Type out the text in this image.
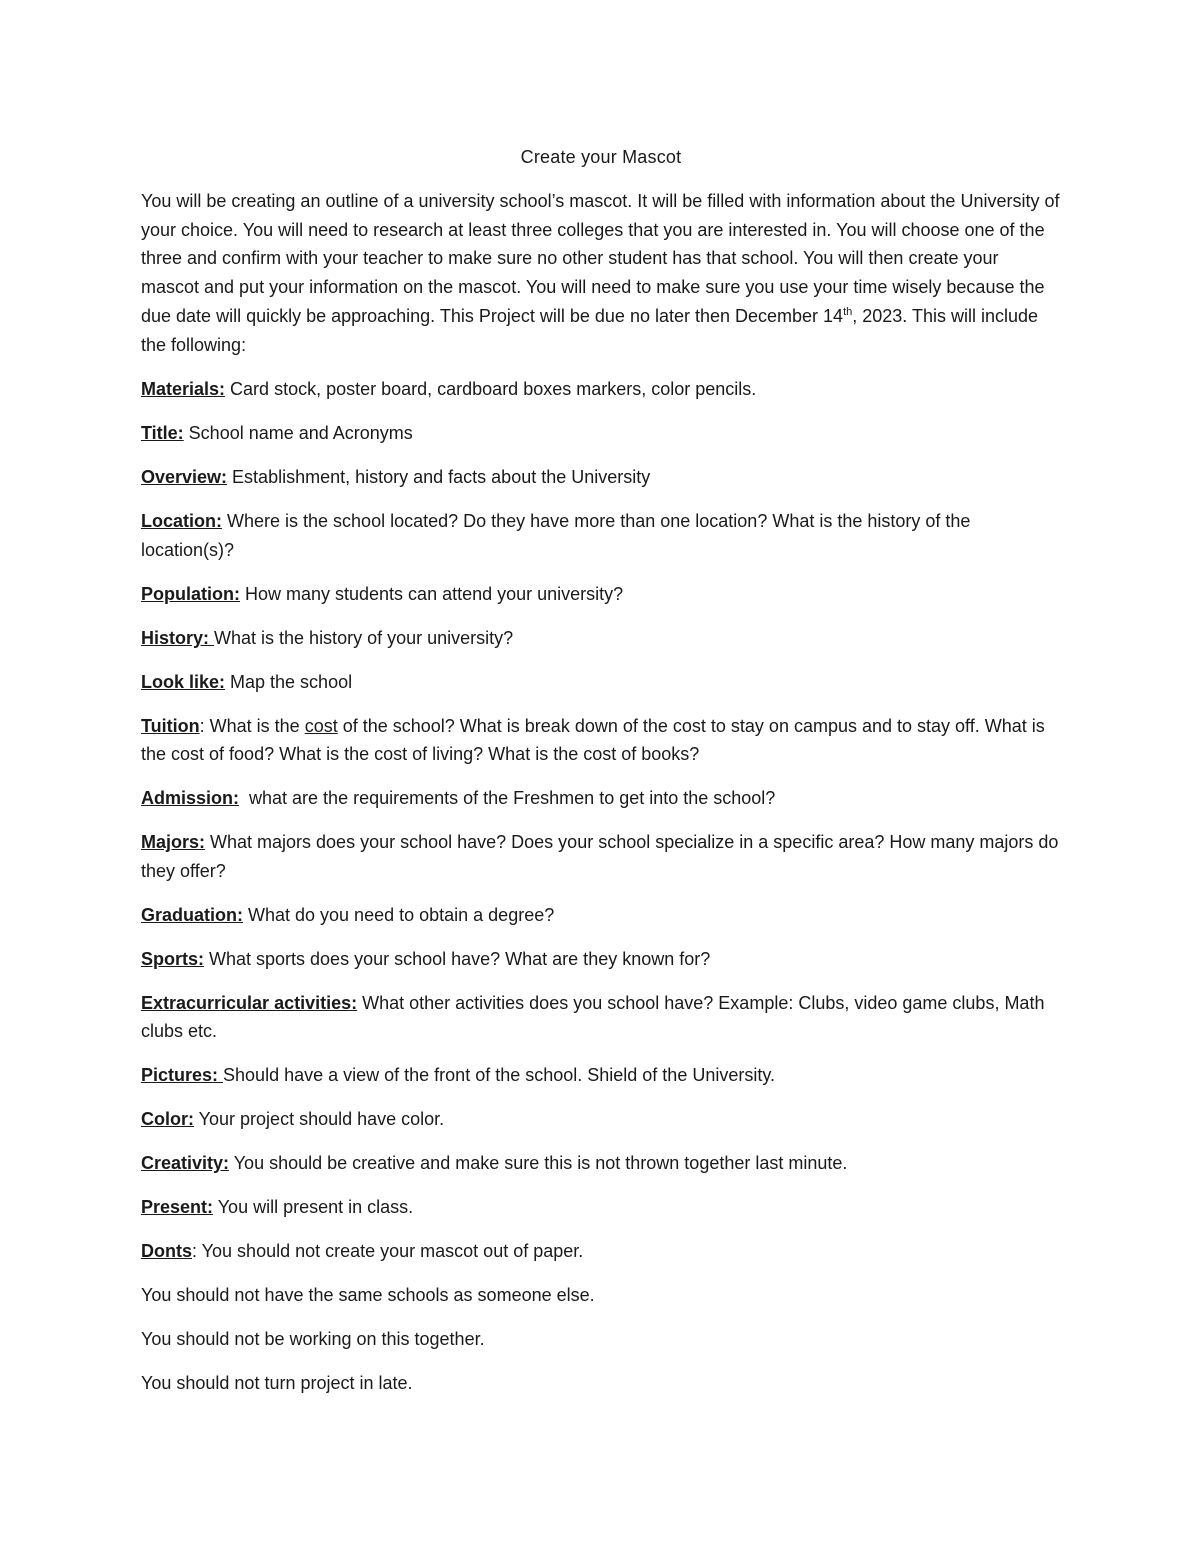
Create your Mascot

You will be creating an outline of a university school’s mascot. It will be filled with information about the University of your choice. You will need to research at least three colleges that you are interested in. You will choose one of the three and confirm with your teacher to make sure no other student has that school. You will then create your mascot and put your information on the mascot. You will need to make sure you use your time wisely because the due date will quickly be approaching. This Project will be due no later then December 14th, 2023. This will include the following:

Materials: Card stock, poster board, cardboard boxes markers, color pencils.

Title: School name and Acronyms

Overview: Establishment, history and facts about the University

Location: Where is the school located? Do they have more than one location? What is the history of the location(s)?

Population: How many students can attend your university?

History: What is the history of your university?

Look like: Map the school

Tuition: What is the cost of the school? What is break down of the cost to stay on campus and to stay off. What is the cost of food? What is the cost of living? What is the cost of books?

Admission:  what are the requirements of the Freshmen to get into the school?

Majors: What majors does your school have? Does your school specialize in a specific area? How many majors do they offer?

Graduation: What do you need to obtain a degree?

Sports: What sports does your school have? What are they known for?

Extracurricular activities: What other activities does you school have? Example: Clubs, video game clubs, Math clubs etc.

Pictures: Should have a view of the front of the school. Shield of the University.

Color: Your project should have color.

Creativity: You should be creative and make sure this is not thrown together last minute.

Present: You will present in class.

Donts: You should not create your mascot out of paper.

You should not have the same schools as someone else.

You should not be working on this together.

You should not turn project in late.
